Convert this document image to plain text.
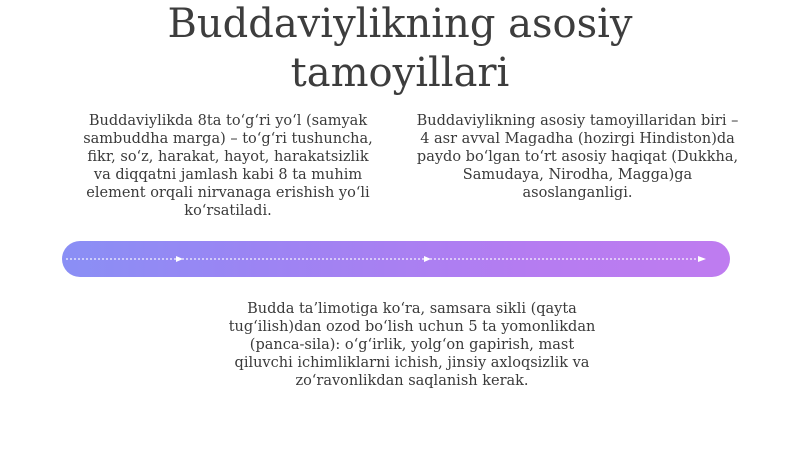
Buddaviylikning asosiy
tamoyillari

Buddaviylikda 8ta to‘g‘ri yo‘l (samyak sambuddha marga) – to‘g‘ri tushuncha, fikr, so‘z, harakat, hayot, harakatsizlik va diqqatni jamlash kabi 8 ta muhim element orqali nirvanaga erishish yo‘li ko‘rsatiladi.

Buddaviylikning asosiy tamoyillaridan biri – 4 asr avval Magadha (hozirgi Hindiston)da paydo bo‘lgan to‘rt asosiy haqiqat (Dukkha, Samudaya, Nirodha, Magga)ga asoslanganligi.

Budda ta’limotiga ko‘ra, samsara sikli (qayta tug‘ilish)dan ozod bo‘lish uchun 5 ta yomonlikdan (panca-sila): o‘g‘irlik, yolg‘on gapirish, mast qiluvchi ichimliklarni ichish, jinsiy axloqsizlik va zo‘ravonlikdan saqlanish kerak.
